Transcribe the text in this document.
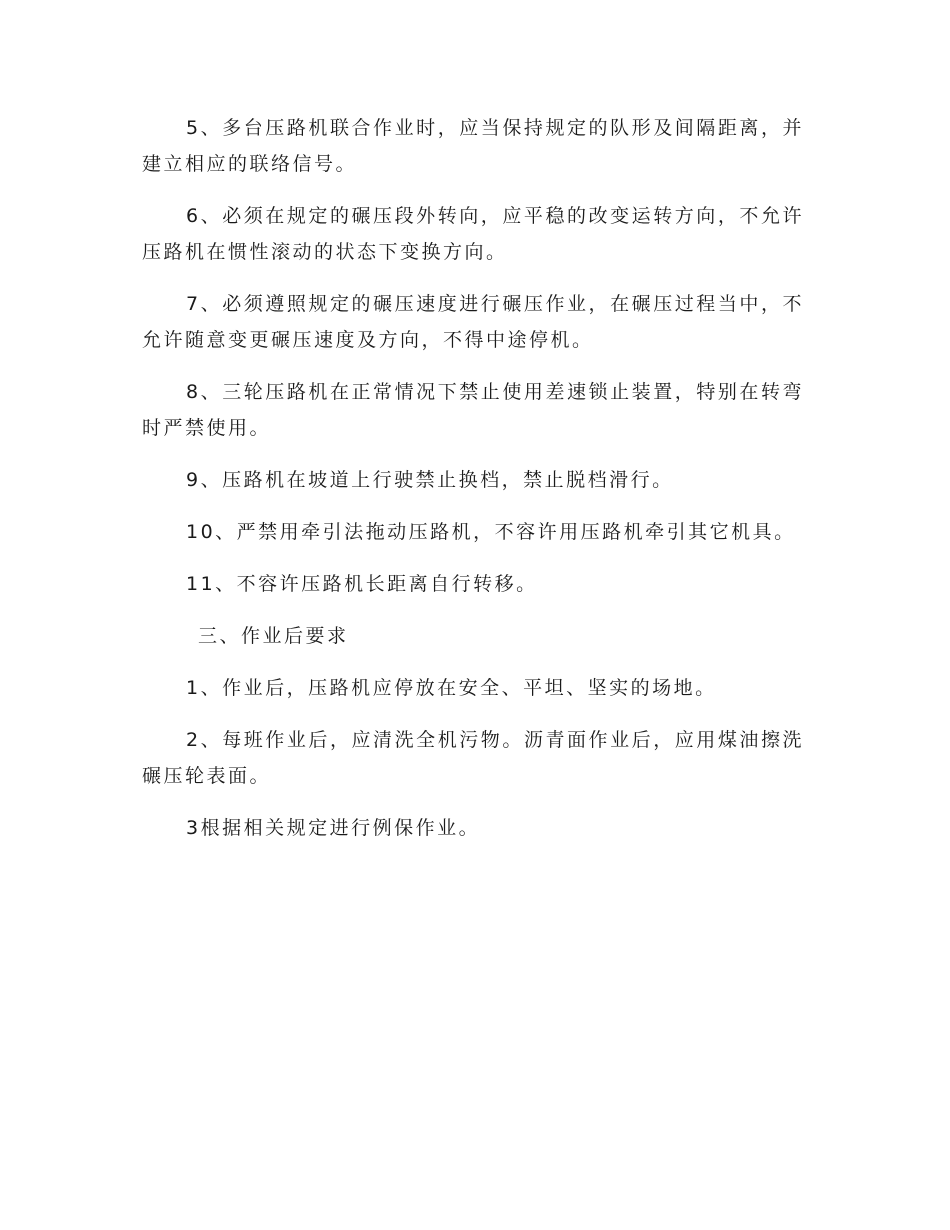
5、多台压路机联合作业时，应当保持规定的队形及间隔距离，并建立相应的联络信号。

6、必须在规定的碾压段外转向，应平稳的改变运转方向，不允许压路机在惯性滚动的状态下变换方向。

7、必须遵照规定的碾压速度进行碾压作业，在碾压过程当中，不允许随意变更碾压速度及方向，不得中途停机。

8、三轮压路机在正常情况下禁止使用差速锁止装置，特别在转弯时严禁使用。

9、压路机在坡道上行驶禁止换档，禁止脱档滑行。

10、严禁用牵引法拖动压路机，不容许用压路机牵引其它机具。

11、不容许压路机长距离自行转移。

三、作业后要求

1、作业后，压路机应停放在安全、平坦、坚实的场地。

2、每班作业后，应清洗全机污物。沥青面作业后，应用煤油擦洗碾压轮表面。

3根据相关规定进行例保作业。
